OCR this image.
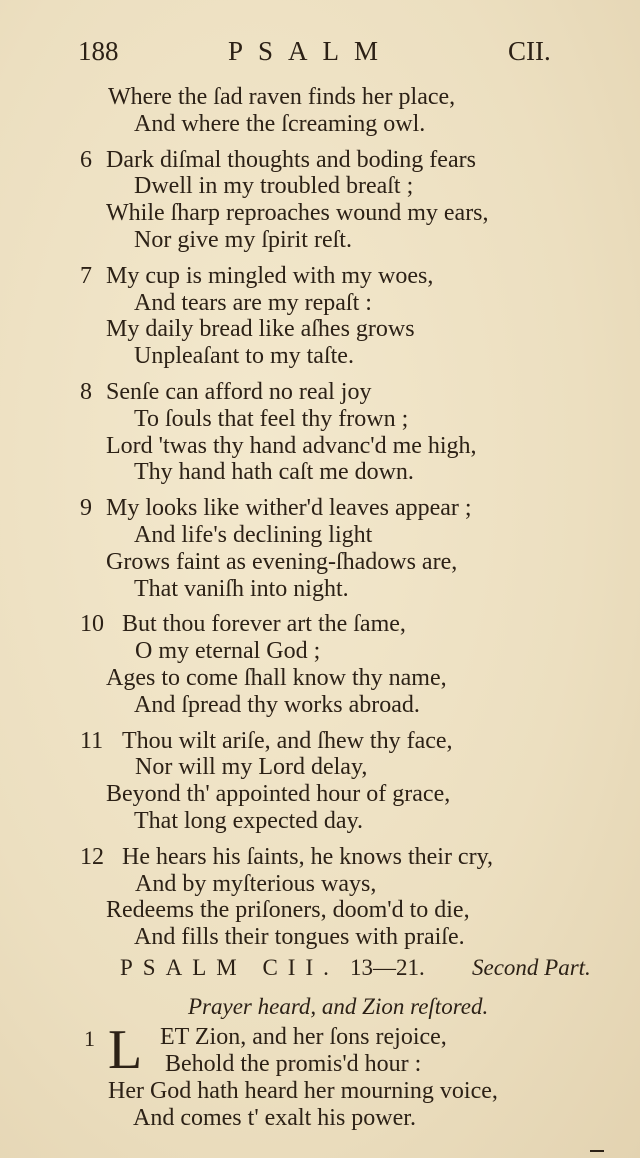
188	PSALM	CII.
Where the ſad raven finds her place,
And where the ſcreaming owl.
6 Dark diſmal thoughts and boding fears
Dwell in my troubled breaſt ;
While ſharp reproaches wound my ears,
Nor give my ſpirit reſt.
7 My cup is mingled with my woes,
And tears are my repaſt :
My daily bread like aſhes grows
Unpleaſant to my taſte.
8 Senſe can afford no real joy
To ſouls that feel thy frown ;
Lord 'twas thy hand advanc'd me high,
Thy hand hath caſt me down.
9 My looks like wither'd leaves appear ;
And life's declining light
Grows faint as evening-ſhadows are,
That vaniſh into night.
10 But thou forever art the ſame,
O my eternal God ;
Ages to come ſhall know thy name,
And ſpread thy works abroad.
11 Thou wilt ariſe, and ſhew thy face,
Nor will my Lord delay,
Beyond th' appointed hour of grace,
That long expected day.
12 He hears his ſaints, he knows their cry,
And by myſterious ways,
Redeems the priſoners, doom'd to die,
And fills their tongues with praiſe.
PSALM CII. 13—21. Second Part.
Prayer heard, and Zion reſtored.
1 L ET Zion, and her ſons rejoice,
Behold the promis'd hour :
Her God hath heard her mourning voice,
And comes t' exalt his power.
